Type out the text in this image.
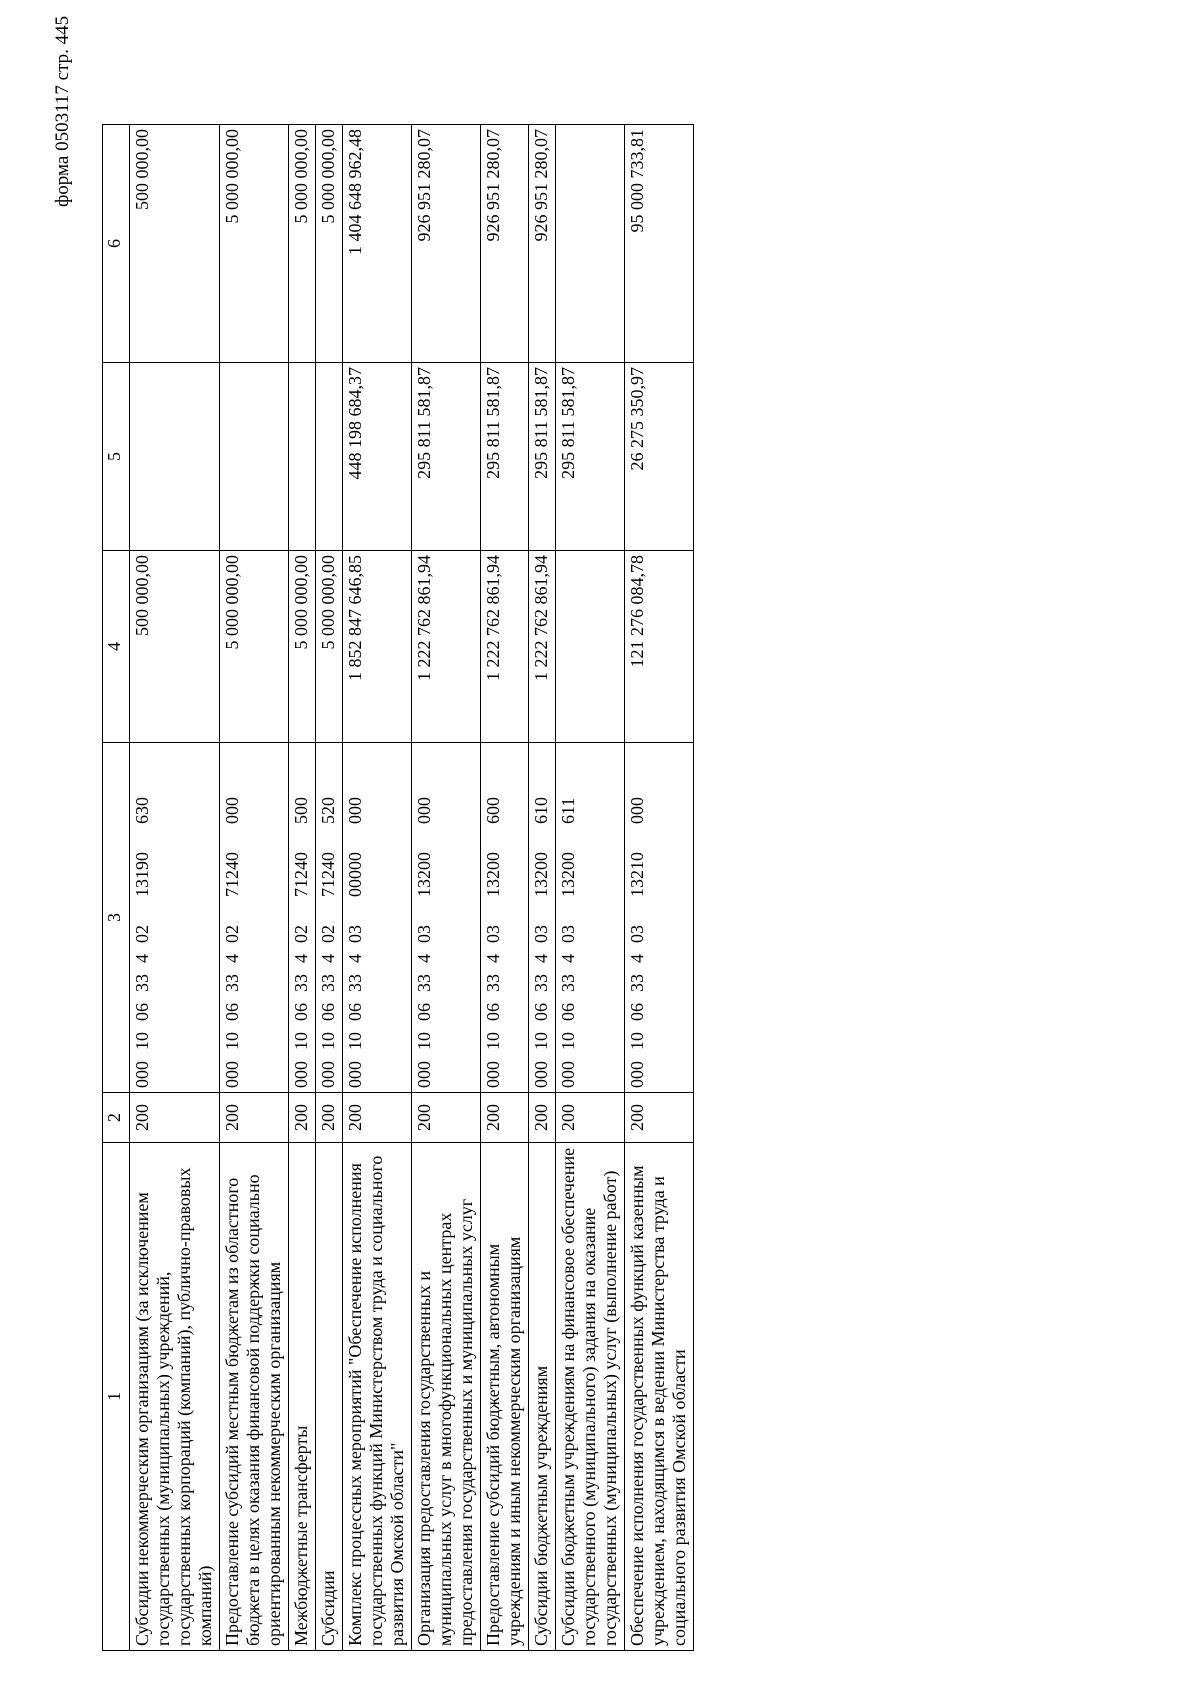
форма 0503117 стр. 445
1	2	3	4	5	6
Субсидии некоммерческим организациям (за исключением государственных (муниципальных) учреждений, государственных корпораций (компаний), публично-правовых компаний)	200	00010063340213190630	500 000,00		500 000,00
Предоставление субсидий местным бюджетам из областного бюджета в целях оказания финансовой поддержки социально ориентированным некоммерческим организациям	200	00010063340271240000	5 000 000,00		5 000 000,00
Межбюджетные трансферты	200	00010063340271240500	5 000 000,00		5 000 000,00
Субсидии	200	00010063340271240520	5 000 000,00		5 000 000,00
Комплекс процессных мероприятий "Обеспечение исполнения государственных функций Министерством труда и социального развития Омской области"	200	00010063340300000000	1 852 847 646,85	448 198 684,37	1 404 648 962,48
Организация предоставления государственных и муниципальных услуг в многофункциональных центрах предоставления государственных и муниципальных услуг	200	00010063340313200000	1 222 762 861,94	295 811 581,87	926 951 280,07
Предоставление субсидий бюджетным, автономным учреждениям и иным некоммерческим организациям	200	00010063340313200600	1 222 762 861,94	295 811 581,87	926 951 280,07
Субсидии бюджетным учреждениям	200	00010063340313200610	1 222 762 861,94	295 811 581,87	926 951 280,07
Субсидии бюджетным учреждениям на финансовое обеспечение государственного (муниципального) задания на оказание государственных (муниципальных) услуг (выполнение работ)	200	00010063340313200611		295 811 581,87	
Обеспечение исполнения государственных функций казенным учреждением, находящимся в ведении Министерства труда и социального развития Омской области	200	00010063340313210000	121 276 084,78	26 275 350,97	95 000 733,81
